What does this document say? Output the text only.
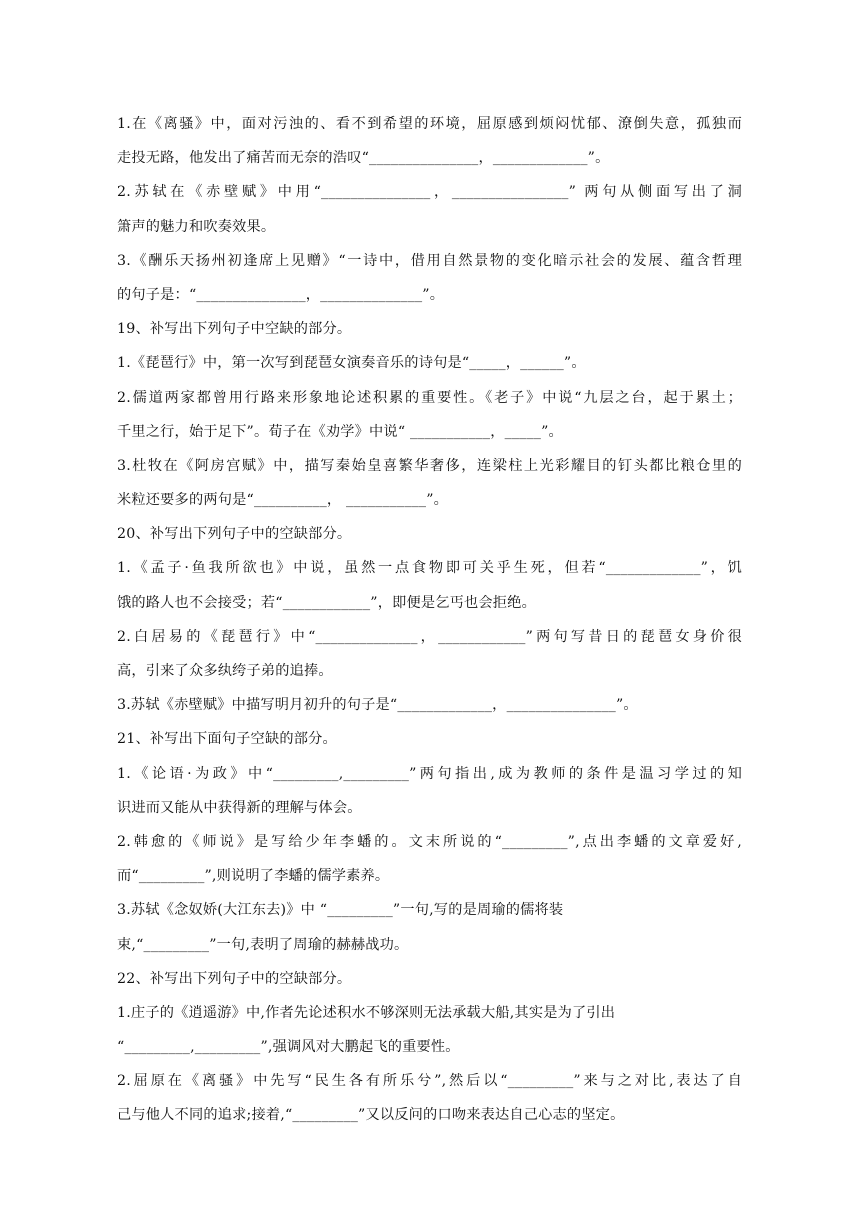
1.在《离骚》中，面对污浊的、看不到希望的环境，屈原感到烦闷忧郁、潦倒失意，孤独而
走投无路，他发出了痛苦而无奈的浩叹“_______________，_____________”。
2.苏轼在《赤壁赋》中用“_______________，________________” 两句从侧面写出了洞
箫声的魅力和吹奏效果。
3.《酬乐天扬州初逢席上见赠》“一诗中，借用自然景物的变化暗示社会的发展、蕴含哲理
的句子是：“_______________，______________”。
19、补写出下列句子中空缺的部分。
1.《琵琶行》中，第一次写到琵琶女演奏音乐的诗句是“_____，______”。
2.儒道两家都曾用行路来形象地论述积累的重要性。《老子》中说“九层之台，起于累土；
千里之行，始于足下”。荀子在《劝学》中说“ ___________，_____”。
3.杜牧在《阿房宫赋》中，描写秦始皇喜繁华奢侈，连梁柱上光彩耀目的钉头都比粮仓里的
米粒还要多的两句是“__________， ___________”。
20、补写出下列句子中的空缺部分。
1.《孟子·鱼我所欲也》中说，虽然一点食物即可关乎生死，但若“_____________”，饥
饿的路人也不会接受；若“____________”，即便是乞丐也会拒绝。
2.白居易的《琵琶行》中“______________，____________”两句写昔日的琵琶女身价很
高，引来了众多纨绔子弟的追捧。
3.苏轼《赤壁赋》中描写明月初升的句子是“_____________，_______________”。
21、补写出下面句子空缺的部分。
1.《论语·为政》中“_________,_________”两句指出,成为教师的条件是温习学过的知
识进而又能从中获得新的理解与体会。
2.韩愈的《师说》是写给少年李蟠的。文末所说的“_________”,点出李蟠的文章爱好,
而“_________”,则说明了李蟠的儒学素养。
3.苏轼《念奴娇(大江东去)》中 “_________”一句,写的是周瑜的儒将装
束,“_________”一句,表明了周瑜的赫赫战功。
22、补写出下列句子中的空缺部分。
1.庄子的《逍遥游》中,作者先论述积水不够深则无法承载大船,其实是为了引出
“_________,_________”,强调风对大鹏起飞的重要性。
2.屈原在《离骚》中先写“民生各有所乐兮”,然后以“_________”来与之对比,表达了自
己与他人不同的追求;接着,“_________”又以反问的口吻来表达自己心志的坚定。
